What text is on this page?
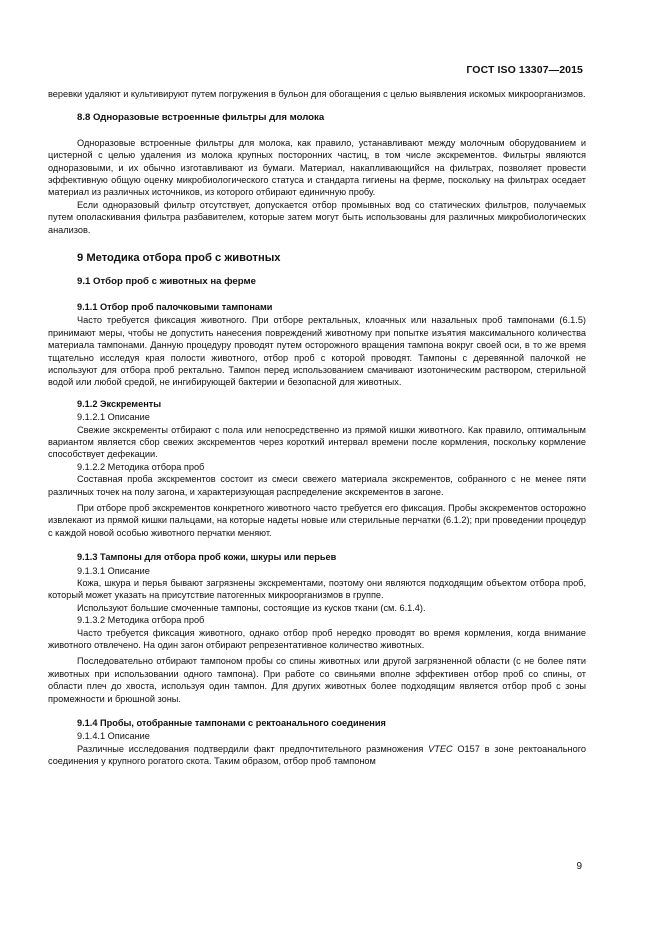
ГОСТ ISO 13307—2015

веревки удаляют и культивируют путем погружения в бульон для обогащения с целью выявления искомых микроорганизмов.

8.8 Одноразовые встроенные фильтры для молока

Одноразовые встроенные фильтры для молока, как правило, устанавливают между молочным оборудованием и цистерной с целью удаления из молока крупных посторонних частиц, в том числе экскрементов. Фильтры являются одноразовыми, и их обычно изготавливают из бумаги. Материал, накапливающийся на фильтрах, позволяет провести эффективную общую оценку микробиологического статуса и стандарта гигиены на ферме, поскольку на фильтрах оседает материал из различных источников, из которого отбирают единичную пробу.

Если одноразовый фильтр отсутствует, допускается отбор промывных вод со статических фильтров, получаемых путем ополаскивания фильтра разбавителем, которые затем могут быть использованы для различных микробиологических анализов.

9 Методика отбора проб с животных

9.1 Отбор проб с животных на ферме

9.1.1 Отбор проб палочковыми тампонами

Часто требуется фиксация животного. При отборе ректальных, клоачных или назальных проб тампонами (6.1.5) принимают меры, чтобы не допустить нанесения повреждений животному при попытке изъятия максимального количества материала тампонами. Данную процедуру проводят путем осторожного вращения тампона вокруг своей оси, в то же время тщательно исследуя края полости животного, отбор проб с которой проводят. Тампоны с деревянной палочкой не используют для отбора проб ректально. Тампон перед использованием смачивают изотоническим раствором, стерильной водой или любой средой, не ингибирующей бактерии и безопасной для животных.

9.1.2 Экскременты

9.1.2.1 Описание

Свежие экскременты отбирают с пола или непосредственно из прямой кишки животного. Как правило, оптимальным вариантом является сбор свежих экскрементов через короткий интервал времени после кормления, поскольку кормление способствует дефекации.

9.1.2.2 Методика отбора проб

Составная проба экскрементов состоит из смеси свежего материала экскрементов, собранного с не менее пяти различных точек на полу загона, и характеризующая распределение экскрементов в загоне.

При отборе проб экскрементов конкретного животного часто требуется его фиксация. Пробы экскрементов осторожно извлекают из прямой кишки пальцами, на которые надеты новые или стерильные перчатки (6.1.2); при проведении процедур с каждой новой особью животного перчатки меняют.

9.1.3 Тампоны для отбора проб кожи, шкуры или перьев

9.1.3.1 Описание

Кожа, шкура и перья бывают загрязнены экскрементами, поэтому они являются подходящим объектом отбора проб, который может указать на присутствие патогенных микроорганизмов в группе.

Используют большие смоченные тампоны, состоящие из кусков ткани (см. 6.1.4).

9.1.3.2 Методика отбора проб

Часто требуется фиксация животного, однако отбор проб нередко проводят во время кормления, когда внимание животного отвлечено. На один загон отбирают репрезентативное количество животных.

Последовательно отбирают тампоном пробы со спины животных или другой загрязненной области (с не более пяти животных при использовании одного тампона). При работе со свиньями вполне эффективен отбор проб со спины, от области плеч до хвоста, используя один тампон. Для других животных более подходящим является отбор проб с зоны промежности и брюшной зоны.

9.1.4 Пробы, отобранные тампонами с ректоанального соединения

9.1.4.1 Описание

Различные исследования подтвердили факт предпочтительного размножения VTEC O157 в зоне ректоанального соединения у крупного рогатого скота. Таким образом, отбор проб тампоном

9
